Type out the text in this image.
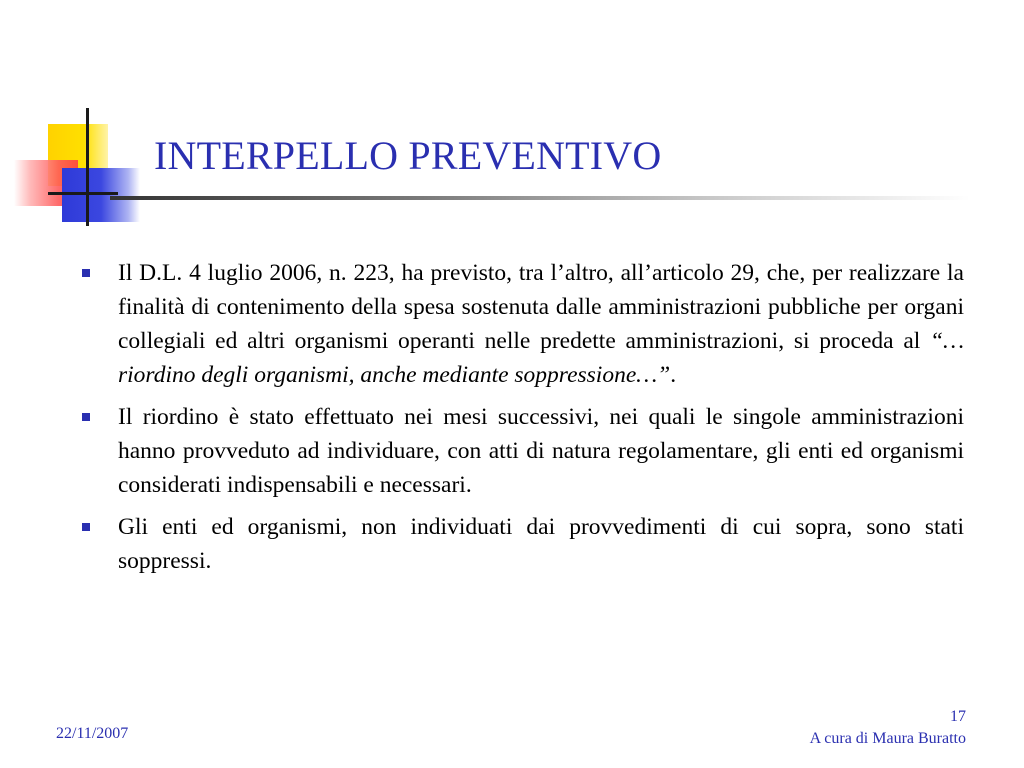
INTERPELLO PREVENTIVO
Il D.L. 4 luglio 2006, n. 223, ha previsto, tra l’altro, all’articolo 29, che, per realizzare la finalità di contenimento della spesa sostenuta dalle amministrazioni pubbliche per organi collegiali ed altri organismi operanti nelle predette amministrazioni, si proceda al “… riordino degli organismi, anche mediante soppressione…”.
Il riordino è stato effettuato nei mesi successivi, nei quali le singole amministrazioni hanno provveduto ad individuare, con atti di natura regolamentare, gli enti ed organismi considerati indispensabili e necessari.
Gli enti ed organismi, non individuati dai provvedimenti di cui sopra, sono stati soppressi.
22/11/2007
17
A cura di Maura Buratto
